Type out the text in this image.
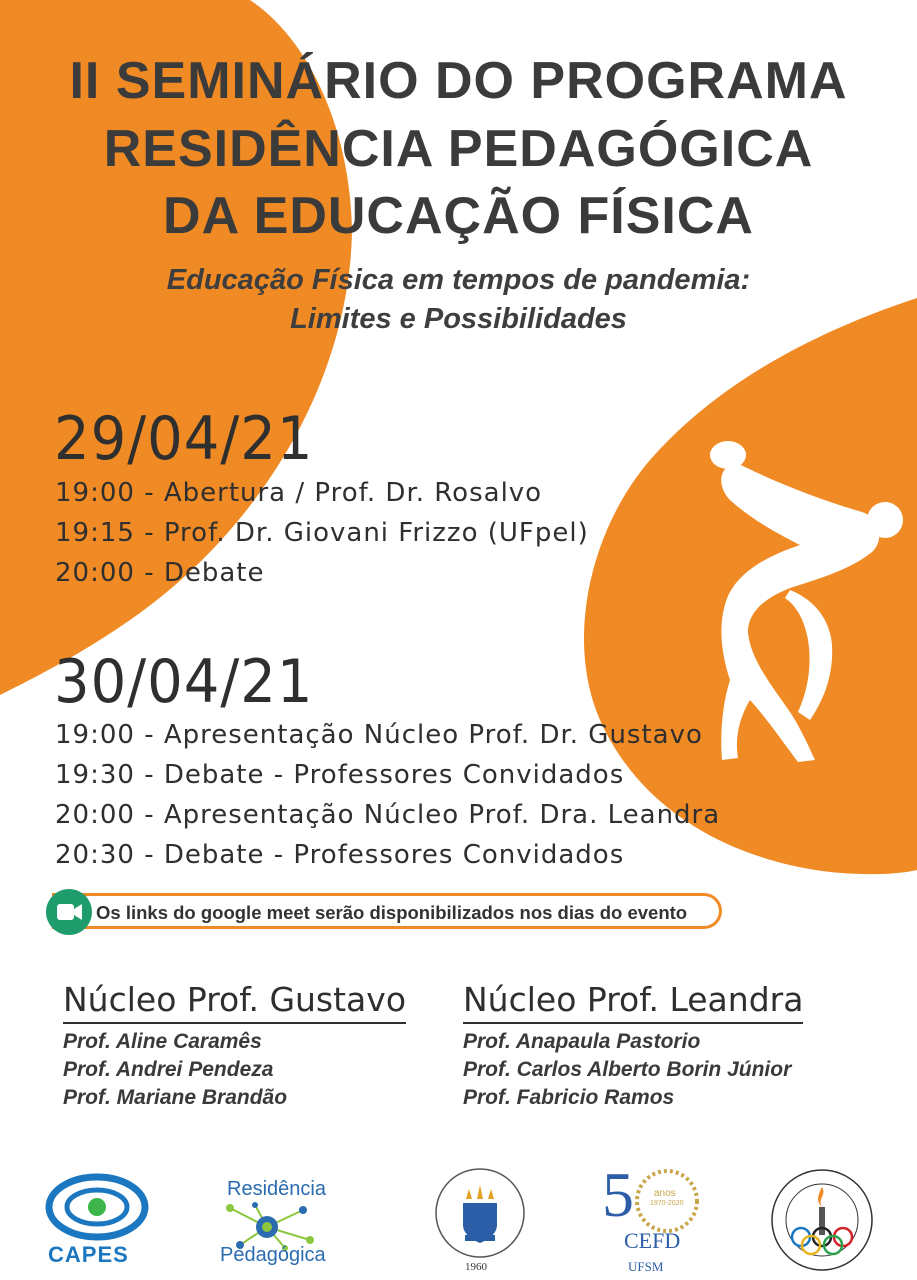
II SEMINÁRIO DO PROGRAMA
RESIDÊNCIA PEDAGÓGICA
DA EDUCAÇÃO FÍSICA
Educação Física em tempos de pandemia:
Limites e Possibilidades
29/04/21
19:00 - Abertura / Prof. Dr. Rosalvo
19:15 - Prof. Dr. Giovani Frizzo (UFpel)
20:00 - Debate
30/04/21
19:00 - Apresentação Núcleo Prof. Dr. Gustavo
19:30 - Debate - Professores Convidados
20:00 - Apresentação Núcleo Prof. Dra. Leandra
20:30 - Debate - Professores Convidados
Os links do google meet serão disponibilizados nos dias do evento
Núcleo Prof. Gustavo
Prof. Aline Caramês
Prof. Andrei Pendeza
Prof. Mariane Brandão
Núcleo Prof. Leandra
Prof. Anapaula Pastorio
Prof. Carlos Alberto Borin Júnior
Prof. Fabricio Ramos
CAPES
Residência
Pedagógica
1960
5 anos
1970-2020
CEFD
UFSM
